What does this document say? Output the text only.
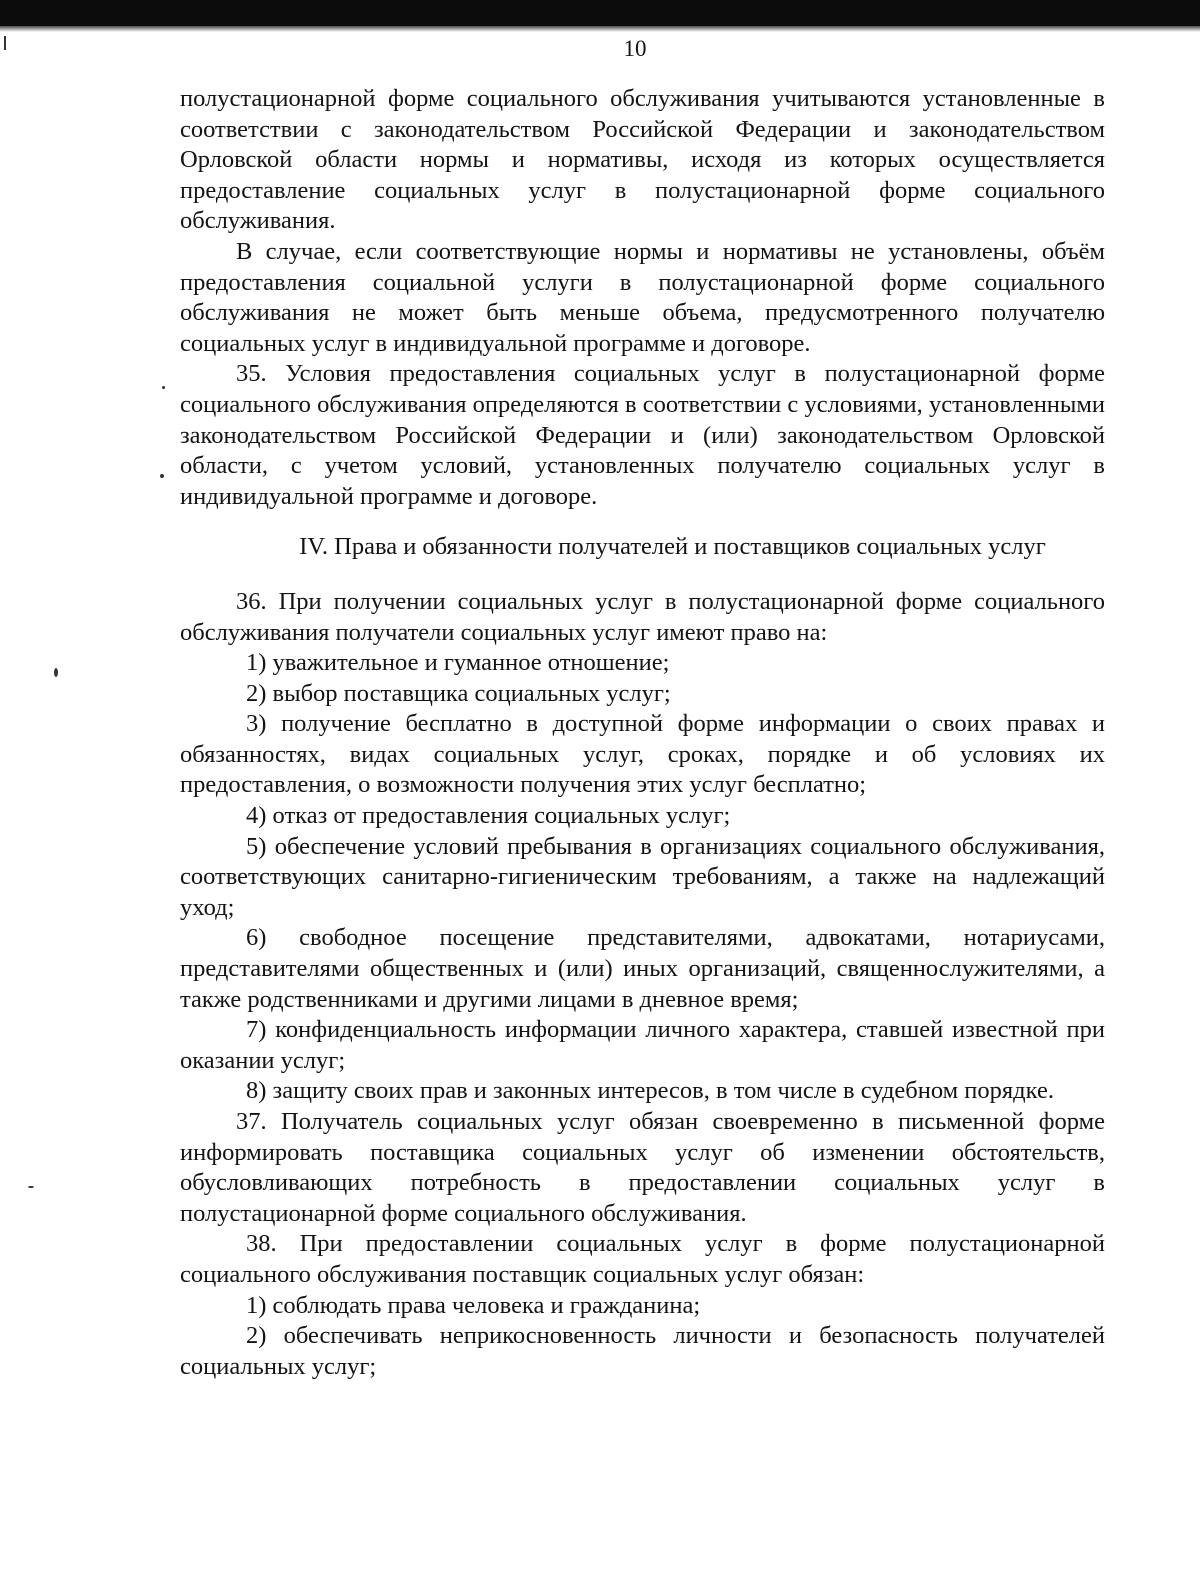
10

полустационарной форме социального обслуживания учитываются установленные в соответствии с законодательством Российской Федерации и законодательством Орловской области нормы и нормативы, исходя из которых осуществляется предоставление социальных услуг в полустационарной форме социального обслуживания.

В случае, если соответствующие нормы и нормативы не установлены, объём предоставления социальной услуги в полустационарной форме социального обслуживания не может быть меньше объема, предусмотренного получателю социальных услуг в индивидуальной программе и договоре.

35. Условия предоставления социальных услуг в полустационарной форме социального обслуживания определяются в соответствии с условиями, установленными законодательством Российской Федерации и (или) законодательством Орловской области, с учетом условий, установленных получателю социальных услуг в индивидуальной программе и договоре.

IV. Права и обязанности получателей и поставщиков социальных услуг

36. При получении социальных услуг в полустационарной форме социального обслуживания получатели социальных услуг имеют право на:

1) уважительное и гуманное отношение;

2) выбор поставщика социальных услуг;

3) получение бесплатно в доступной форме информации о своих правах и обязанностях, видах социальных услуг, сроках, порядке и об условиях их предоставления, о возможности получения этих услуг бесплатно;

4) отказ от предоставления социальных услуг;

5) обеспечение условий пребывания в организациях социального обслуживания, соответствующих санитарно-гигиеническим требованиям, а также на надлежащий уход;

6) свободное посещение представителями, адвокатами, нотариусами, представителями общественных и (или) иных организаций, священнослужителями, а также родственниками и другими лицами в дневное время;

7) конфиденциальность информации личного характера, ставшей известной при оказании услуг;

8) защиту своих прав и законных интересов, в том числе в судебном порядке.

37. Получатель социальных услуг обязан своевременно в письменной форме информировать поставщика социальных услуг об изменении обстоятельств, обусловливающих потребность в предоставлении социальных услуг в полустационарной форме социального обслуживания.

38. При предоставлении социальных услуг в форме полустационарной социального обслуживания поставщик социальных услуг обязан:

1) соблюдать права человека и гражданина;

2) обеспечивать неприкосновенность личности и безопасность получателей социальных услуг;
